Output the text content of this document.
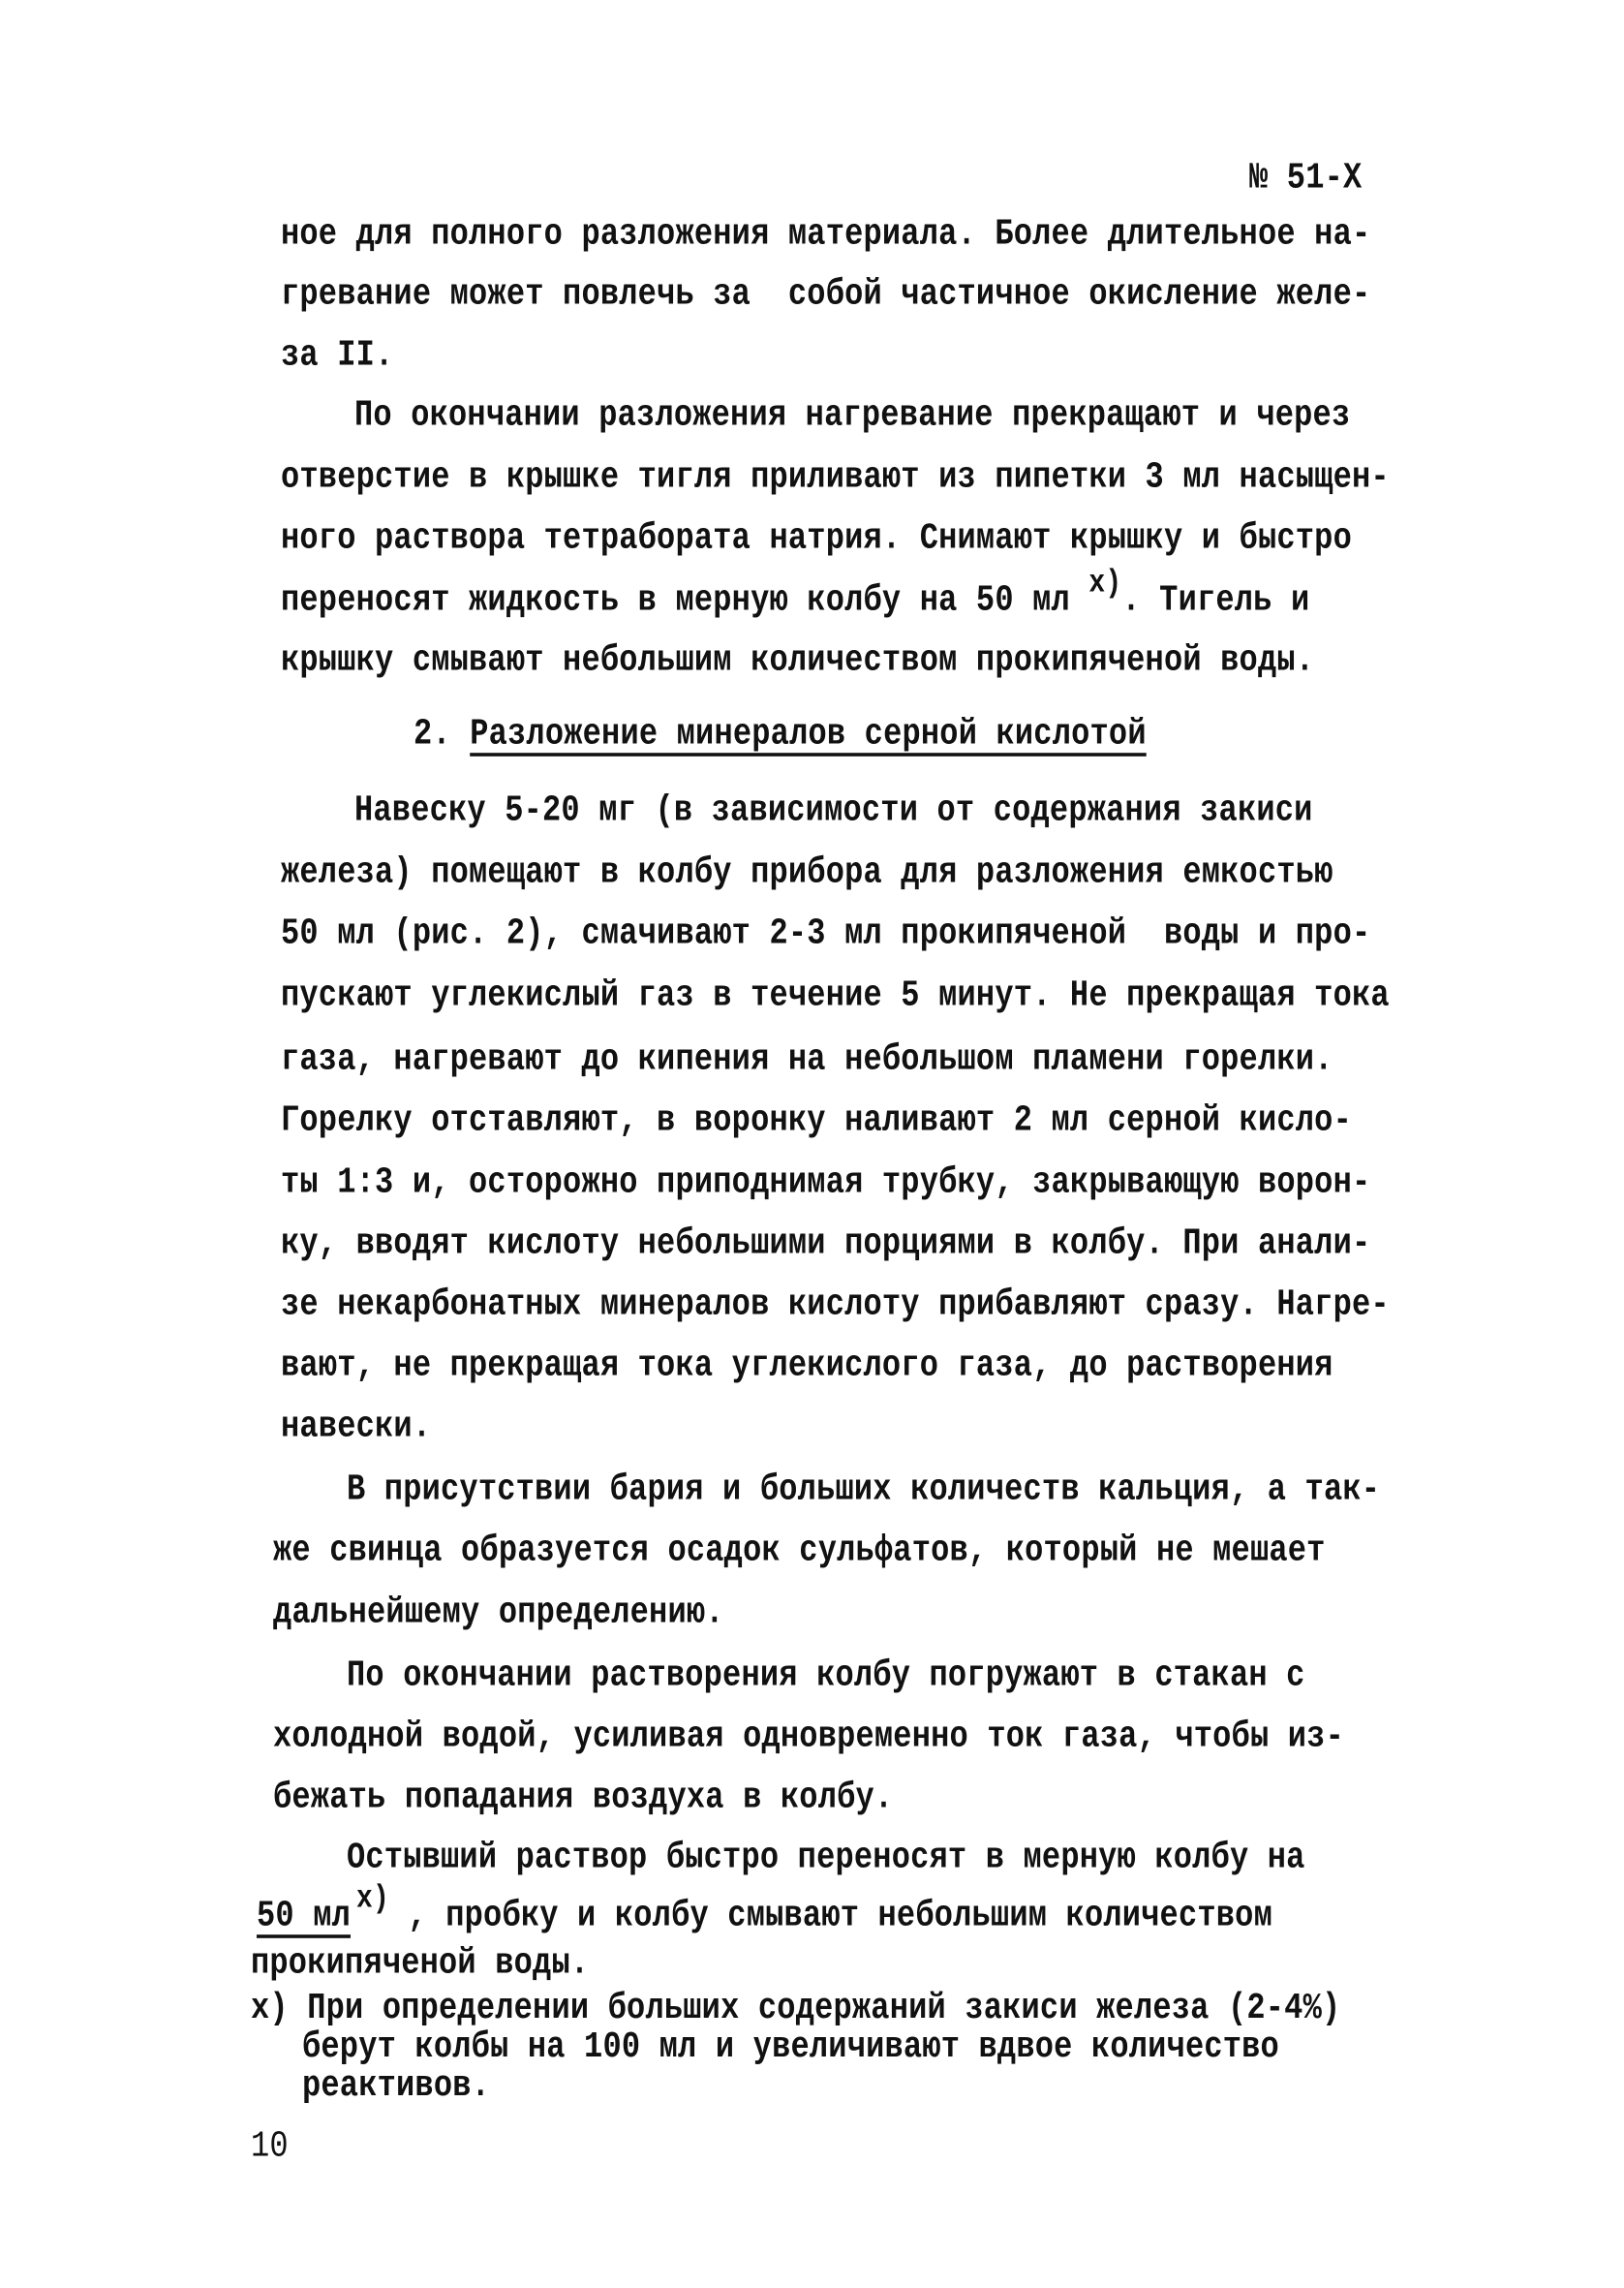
№ 51-Х
ное для полного разложения материала. Более длительное на-
гревание может повлечь за  собой частичное окисление желе-
за II.
По окончании разложения нагревание прекращают и через
отверстие в крышке тигля приливают из пипетки 3 мл насыщен-
ного раствора тетрабората натрия. Снимают крышку и быстро
переносят жидкость в мерную колбу на 50 мл х). Тигель и
крышку смывают небольшим количеством прокипяченой воды.
2. Разложение минералов серной кислотой
Навеску 5-20 мг (в зависимости от содержания закиси
железа) помещают в колбу прибора для разложения емкостью
50 мл (рис. 2), смачивают 2-3 мл прокипяченой  воды и про-
пускают углекислый газ в течение 5 минут. Не прекращая тока
газа, нагревают до кипения на небольшом пламени горелки.
Горелку отставляют, в воронку наливают 2 мл серной кисло-
ты 1:3 и, осторожно приподнимая трубку, закрывающую ворон-
ку, вводят кислоту небольшими порциями в колбу. При анали-
зе некарбонатных минералов кислоту прибавляют сразу. Нагре-
вают, не прекращая тока углекислого газа, до растворения
навески.
В присутствии бария и больших количеств кальция, а так-
же свинца образуется осадок сульфатов, который не мешает
дальнейшему определению.
По окончании растворения колбу погружают в стакан с
холодной водой, усиливая одновременно ток газа, чтобы из-
бежать попадания воздуха в колбу.
Остывший раствор быстро переносят в мерную колбу на
50 мл х) , пробку и колбу смывают небольшим количеством
прокипяченой воды.
х) При определении больших содержаний закиси железа (2-4%)
берут колбы на 100 мл и увеличивают вдвое количество
реактивов.
10
